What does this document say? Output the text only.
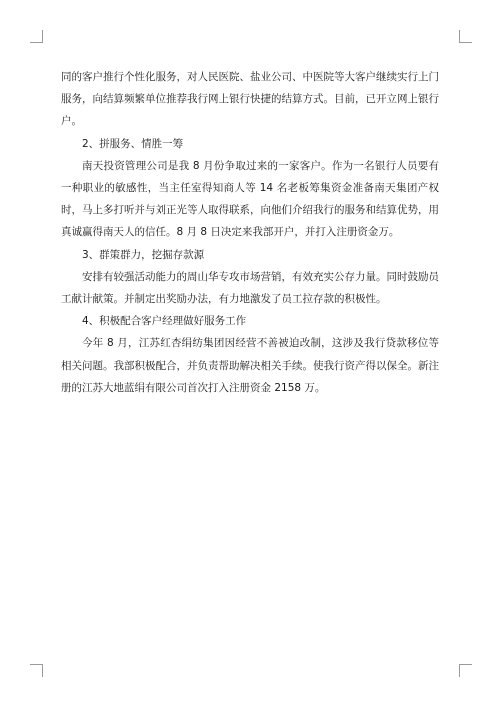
同的客户推行个性化服务，对人民医院、盐业公司、中医院等大客户继续实行上门服务，向结算频繁单位推荐我行网上银行快捷的结算方式。目前，已开立网上银行 户。

2、拼服务、情胜一筹

南天投资管理公司是我 8 月份争取过来的一家客户。作为一名银行人员要有一种职业的敏感性，当主任室得知商人等 14 名老板筹集资金准备南天集团产权时，马上多打听并与刘正光等人取得联系，向他们介绍我行的服务和结算优势，用真诚赢得南天人的信任。8 月 8 日决定来我部开户，并打入注册资金万。

3、群策群力，挖掘存款源

安排有较强活动能力的周山华专攻市场营销，有效充实公存力量。同时鼓励员工献计献策。并制定出奖励办法，有力地激发了员工拉存款的积极性。

4、积极配合客户经理做好服务工作

今年 8 月，江苏红杏绢纺集团因经营不善被迫改制，这涉及我行贷款移位等相关问题。我部积极配合，并负责帮助解决相关手续。使我行资产得以保全。新注册的江苏大地蓝绢有限公司首次打入注册资金 2158 万。
